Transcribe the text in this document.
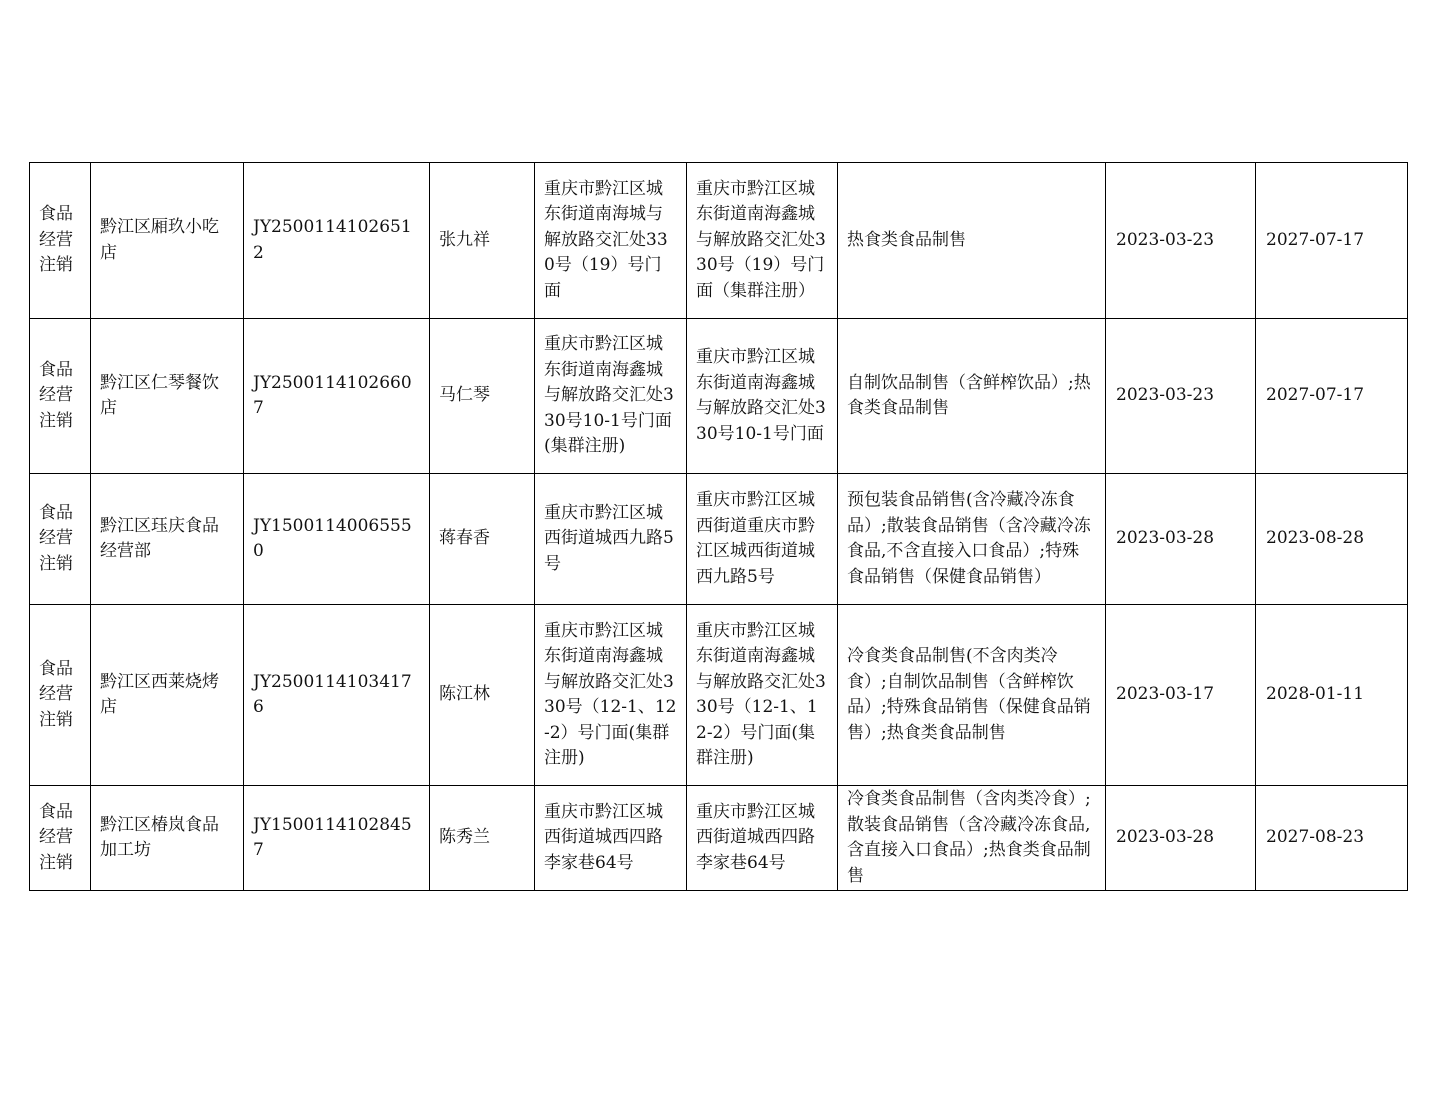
食品经营注销	黔江区厢玖小吃店	JY25001141026512	张九祥	重庆市黔江区城东街道南海城与解放路交汇处330号（19）号门面	重庆市黔江区城东街道南海鑫城与解放路交汇处330号（19）号门面（集群注册）	热食类食品制售	2023-03-23	2027-07-17
食品经营注销	黔江区仁琴餐饮店	JY25001141026607	马仁琴	重庆市黔江区城东街道南海鑫城与解放路交汇处330号10-1号门面(集群注册)	重庆市黔江区城东街道南海鑫城与解放路交汇处330号10-1号门面	自制饮品制售（含鲜榨饮品）;热食类食品制售	2023-03-23	2027-07-17
食品经营注销	黔江区珏庆食品经营部	JY15001140065550	蒋春香	重庆市黔江区城西街道城西九路5号	重庆市黔江区城西街道重庆市黔江区城西街道城西九路5号	预包装食品销售(含冷藏冷冻食品）;散装食品销售（含冷藏冷冻食品,不含直接入口食品）;特殊食品销售（保健食品销售）	2023-03-28	2023-08-28
食品经营注销	黔江区西莱烧烤店	JY25001141034176	陈江林	重庆市黔江区城东街道南海鑫城与解放路交汇处330号（12-1、12-2）号门面(集群注册)	重庆市黔江区城东街道南海鑫城与解放路交汇处330号（12-1、12-2）号门面(集群注册)	冷食类食品制售(不含肉类冷食）;自制饮品制售（含鲜榨饮品）;特殊食品销售（保健食品销售）;热食类食品制售	2023-03-17	2028-01-11
食品经营注销	黔江区椿岚食品加工坊	JY15001141028457	陈秀兰	重庆市黔江区城西街道城西四路李家巷64号	重庆市黔江区城西街道城西四路李家巷64号	冷食类食品制售（含肉类冷食）;散装食品销售（含冷藏冷冻食品,含直接入口食品）;热食类食品制售	2023-03-28	2027-08-23
